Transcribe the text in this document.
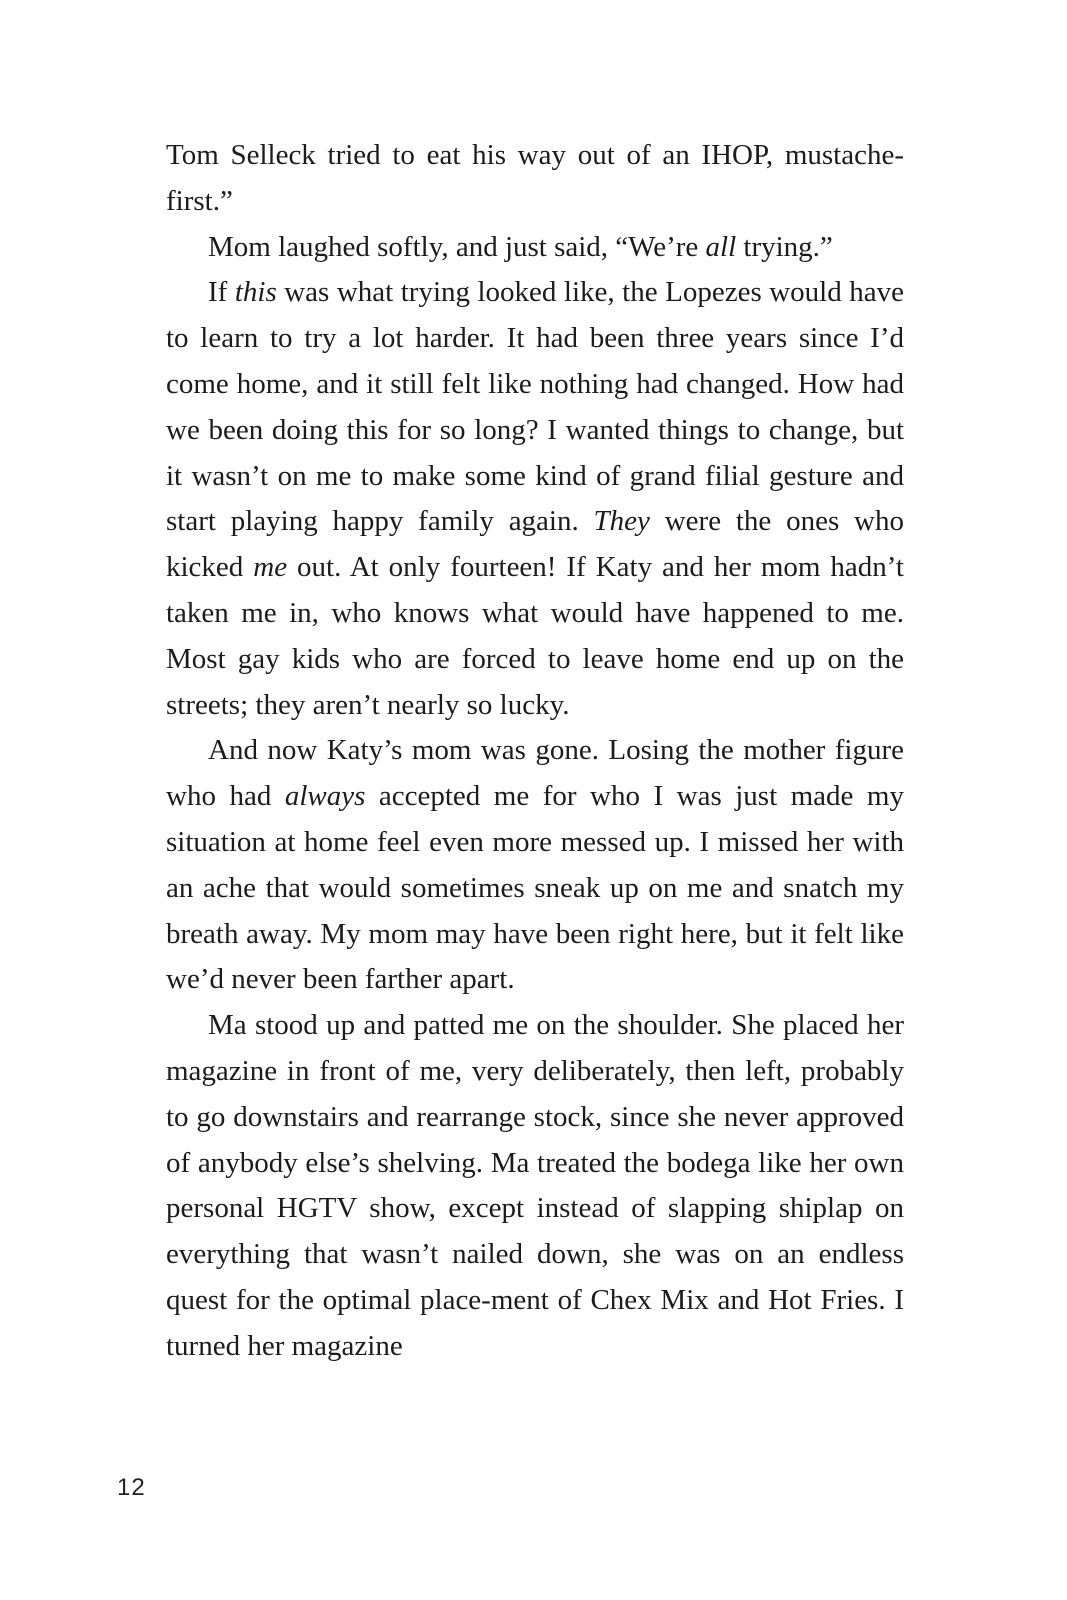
Tom Selleck tried to eat his way out of an IHOP, mustache-first.”

Mom laughed softly, and just said, “We’re all trying.”

If this was what trying looked like, the Lopezes would have to learn to try a lot harder. It had been three years since I’d come home, and it still felt like nothing had changed. How had we been doing this for so long? I wanted things to change, but it wasn’t on me to make some kind of grand filial gesture and start playing happy family again. They were the ones who kicked me out. At only fourteen! If Katy and her mom hadn’t taken me in, who knows what would have happened to me. Most gay kids who are forced to leave home end up on the streets; they aren’t nearly so lucky.

And now Katy’s mom was gone. Losing the mother figure who had always accepted me for who I was just made my situation at home feel even more messed up. I missed her with an ache that would sometimes sneak up on me and snatch my breath away. My mom may have been right here, but it felt like we’d never been farther apart.

Ma stood up and patted me on the shoulder. She placed her magazine in front of me, very deliberately, then left, probably to go downstairs and rearrange stock, since she never approved of anybody else’s shelving. Ma treated the bodega like her own personal HGTV show, except instead of slapping shiplap on everything that wasn’t nailed down, she was on an endless quest for the optimal place-ment of Chex Mix and Hot Fries. I turned her magazine

12
